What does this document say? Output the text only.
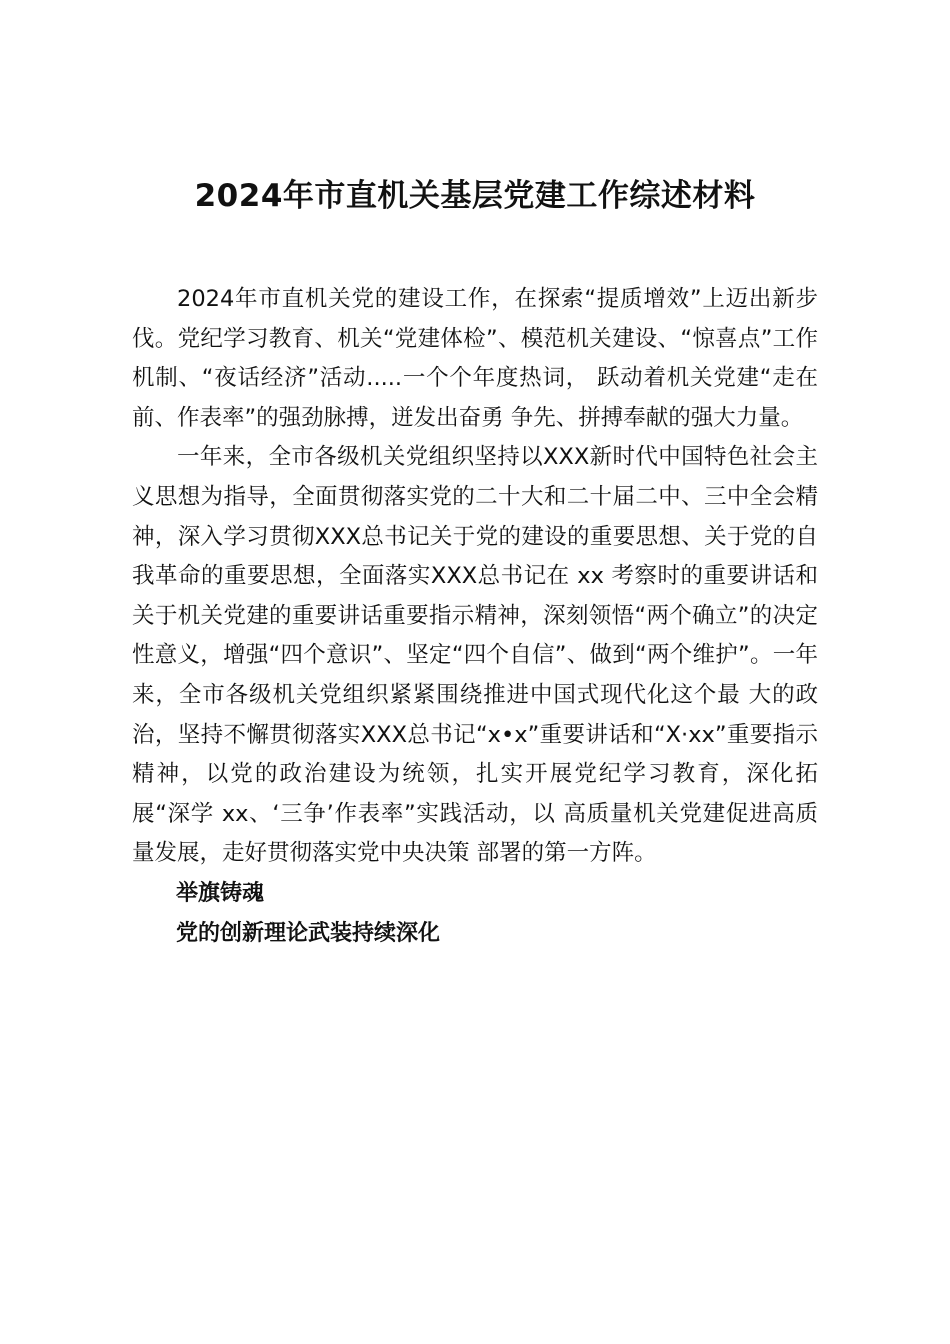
2024年市直机关基层党建工作综述材料

2024年市直机关党的建设工作，在探索“提质增效”上迈出新步伐。党纪学习教育、机关“党建体检”、模范机关建设、“惊喜点”工作机制、“夜话经济”活动.....一个个年度热词， 跃动着机关党建“走在前、作表率”的强劲脉搏，迸发出奋勇 争先、拼搏奉献的强大力量。

一年来，全市各级机关党组织坚持以XXX新时代中国特色社会主义思想为指导，全面贯彻落实党的二十大和二十届二中、三中全会精神，深入学习贯彻XXX总书记关于党的建设的重要思想、关于党的自我革命的重要思想，全面落实XXX总书记在 xx 考察时的重要讲话和关于机关党建的重要讲话重要指示精神，深刻领悟“两个确立”的决定性意义，增强“四个意识”、坚定“四个自信”、做到“两个维护”。一年 来，全市各级机关党组织紧紧围绕推进中国式现代化这个最 大的政治，坚持不懈贯彻落实XXX总书记“x•x”重要讲话和“X·xx”重要指示精神，以党的政治建设为统领，扎实开展党纪学习教育，深化拓展“深学 xx、‘三争’作表率”实践活动，以 高质量机关党建促进高质量发展，走好贯彻落实党中央决策 部署的第一方阵。

举旗铸魂

党的创新理论武装持续深化
